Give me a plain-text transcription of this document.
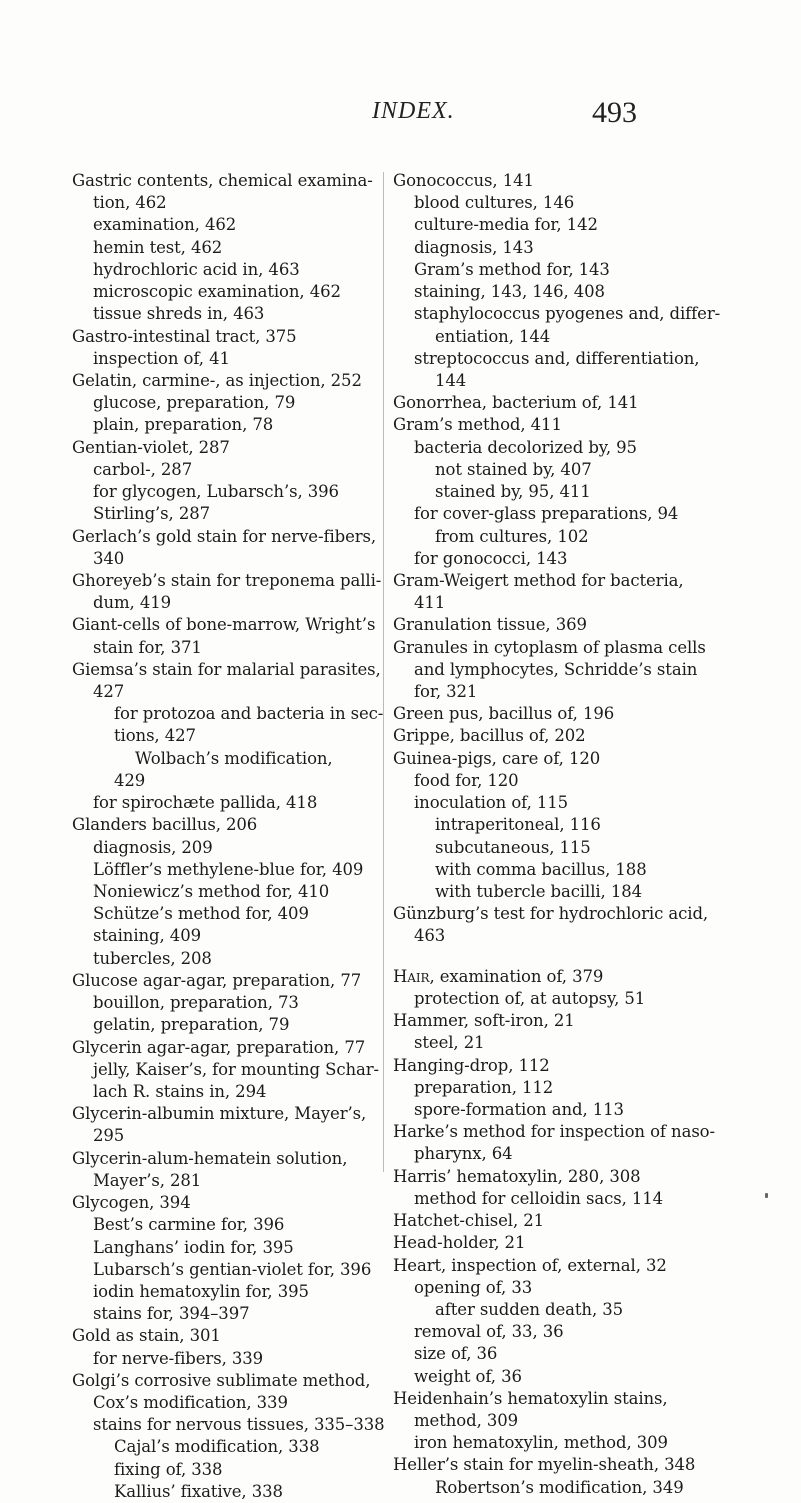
INDEX.	493
Gastric contents, chemical examina-
tion, 462
examination, 462
hemin test, 462
hydrochloric acid in, 463
microscopic examination, 462
tissue shreds in, 463
Gastro-intestinal tract, 375
inspection of, 41
Gelatin, carmine-, as injection, 252
glucose, preparation, 79
plain, preparation, 78
Gentian-violet, 287
carbol-, 287
for glycogen, Lubarsch’s, 396
Stirling’s, 287
Gerlach’s gold stain for nerve-fibers,
340
Ghoreyeb’s stain for treponema palli-
dum, 419
Giant-cells of bone-marrow, Wright’s
stain for, 371
Giemsa’s stain for malarial parasites,
427
for protozoa and bacteria in sec-
tions, 427
Wolbach’s modification,
429
for spirochæte pallida, 418
Glanders bacillus, 206
diagnosis, 209
Löffler’s methylene-blue for, 409
Noniewicz’s method for, 410
Schütze’s method for, 409
staining, 409
tubercles, 208
Glucose agar-agar, preparation, 77
bouillon, preparation, 73
gelatin, preparation, 79
Glycerin agar-agar, preparation, 77
jelly, Kaiser’s, for mounting Schar-
lach R. stains in, 294
Glycerin-albumin mixture, Mayer’s,
295
Glycerin-alum-hematein solution,
Mayer’s, 281
Glycogen, 394
Best’s carmine for, 396
Langhans’ iodin for, 395
Lubarsch’s gentian-violet for, 396
iodin hematoxylin for, 395
stains for, 394–397
Gold as stain, 301
for nerve-fibers, 339
Golgi’s corrosive sublimate method,
Cox’s modification, 339
stains for nervous tissues, 335–338
Cajal’s modification, 338
fixing of, 338
Kallius’ fixative, 338
Gonococcus, 141
blood cultures, 146
culture-media for, 142
diagnosis, 143
Gram’s method for, 143
staining, 143, 146, 408
staphylococcus pyogenes and, differ-
entiation, 144
streptococcus and, differentiation,
144
Gonorrhea, bacterium of, 141
Gram’s method, 411
bacteria decolorized by, 95
not stained by, 407
stained by, 95, 411
for cover-glass preparations, 94
from cultures, 102
for gonococci, 143
Gram-Weigert method for bacteria,
411
Granulation tissue, 369
Granules in cytoplasm of plasma cells
and lymphocytes, Schridde’s stain
for, 321
Green pus, bacillus of, 196
Grippe, bacillus of, 202
Guinea-pigs, care of, 120
food for, 120
inoculation of, 115
intraperitoneal, 116
subcutaneous, 115
with comma bacillus, 188
with tubercle bacilli, 184
Günzburg’s test for hydrochloric acid,
463
Hair, examination of, 379
protection of, at autopsy, 51
Hammer, soft-iron, 21
steel, 21
Hanging-drop, 112
preparation, 112
spore-formation and, 113
Harke’s method for inspection of naso-
pharynx, 64
Harris’ hematoxylin, 280, 308
method for celloidin sacs, 114
Hatchet-chisel, 21
Head-holder, 21
Heart, inspection of, external, 32
opening of, 33
after sudden death, 35
removal of, 33, 36
size of, 36
weight of, 36
Heidenhain’s hematoxylin stains,
method, 309
iron hematoxylin, method, 309
Heller’s stain for myelin-sheath, 348
Robertson’s modification, 349
